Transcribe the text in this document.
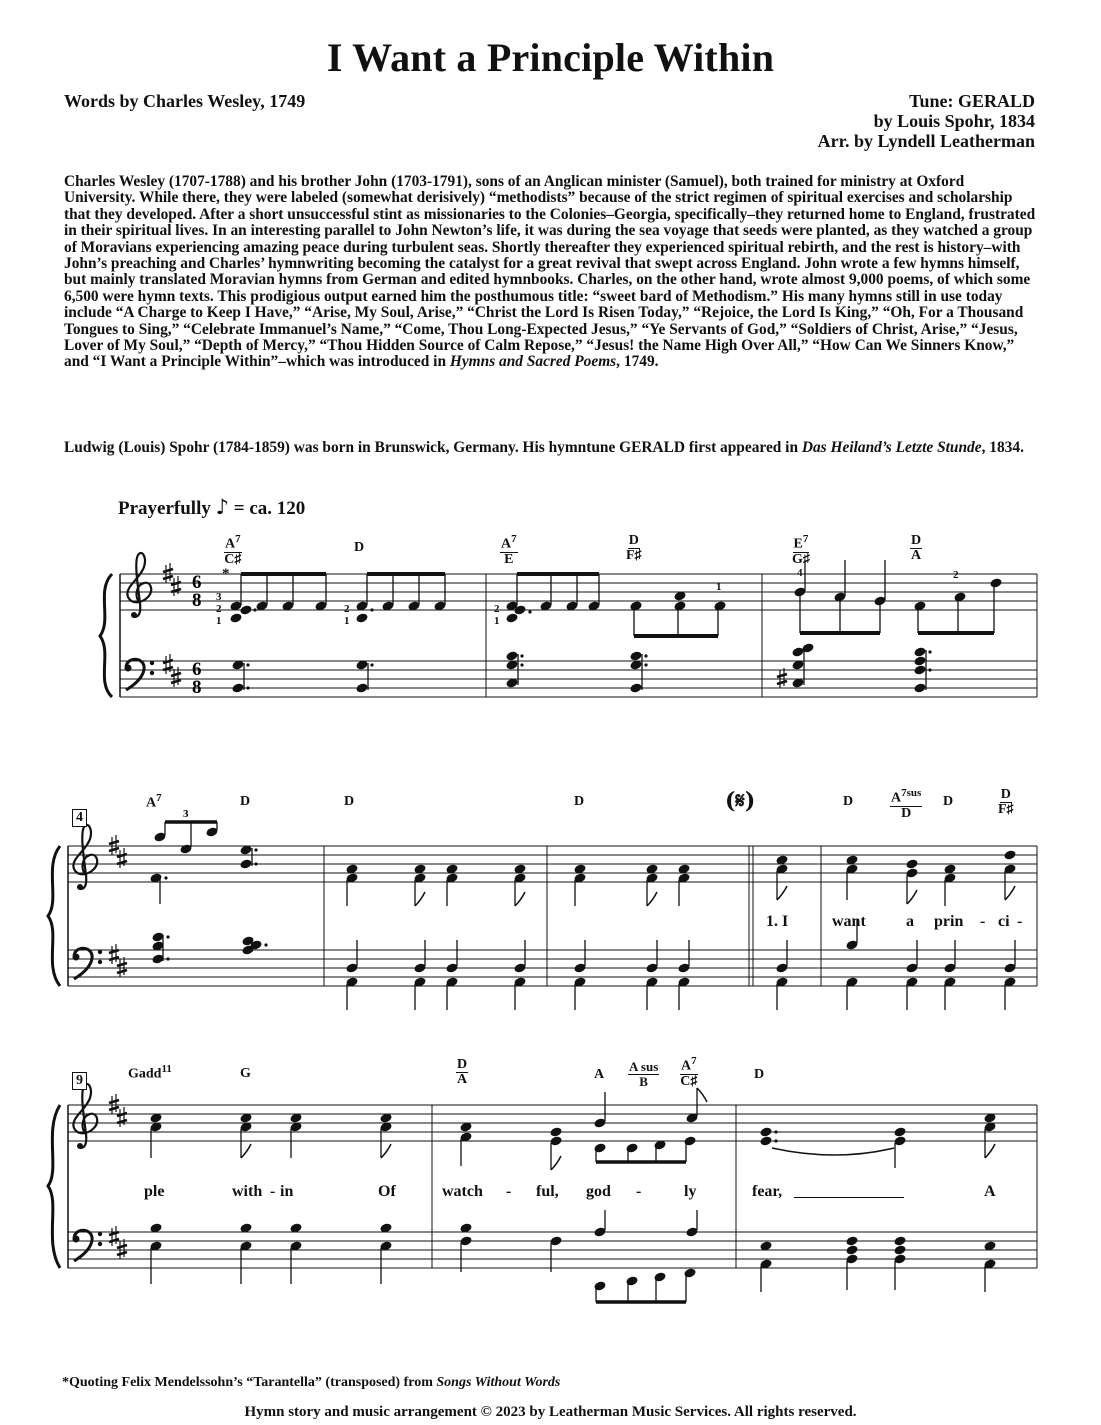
I Want a Principle Within
Words by Charles Wesley, 1749	Tune: GERALD
by Louis Spohr, 1834
Arr. by Lyndell Leatherman

Charles Wesley (1707-1788) and his brother John (1703-1791), sons of an Anglican minister (Samuel), both trained for ministry at Oxford University. While there, they were labeled (somewhat derisively) “methodists” because of the strict regimen of spiritual exercises and scholarship that they developed. After a short unsuccessful stint as missionaries to the Colonies–Georgia, specifically–they returned home to England, frustrated in their spiritual lives. In an interesting parallel to John Newton’s life, it was during the sea voyage that seeds were planted, as they watched a group of Moravians experiencing amazing peace during turbulent seas. Shortly thereafter they experienced spiritual rebirth, and the rest is history–with John’s preaching and Charles’ hymnwriting becoming the catalyst for a great revival that swept across England. John wrote a few hymns himself, but mainly translated Moravian hymns from German and edited hymnbooks. Charles, on the other hand, wrote almost 9,000 poems, of which some 6,500 were hymn texts. This prodigious output earned him the posthumous title: “sweet bard of Methodism.” His many hymns still in use today include “A Charge to Keep I Have,” “Arise, My Soul, Arise,” “Christ the Lord Is Risen Today,” “Rejoice, the Lord Is King,” “Oh, For a Thousand Tongues to Sing,” “Celebrate Immanuel’s Name,” “Come, Thou Long-Expected Jesus,” “Ye Servants of God,” “Soldiers of Christ, Arise,” “Jesus, Lover of My Soul,” “Depth of Mercy,” “Thou Hidden Source of Calm Repose,” “Jesus! the Name High Over All,” “How Can We Sinners Know,” and “I Want a Principle Within”–which was introduced in Hymns and Sacred Poems, 1749.

Ludwig (Louis) Spohr (1784-1859) was born in Brunswick, Germany. His hymntune GERALD first appeared in Das Heiland’s Letzte Stunde, 1834.

Prayerfully ♪ = ca. 120
6
8
6
8
3
*
3
2
1
2
1
2
1
1
4	2
$\frac{A^7}{C♯}$	D	$\frac{A^7}{E}$	$\frac{D}{F♯}$	$\frac{E^7}{G♯}$	$\frac{D}{A}$
4
$A^7$	D	D	D	(𝄋)	D	$A^{7sus}$
D
D	$\frac{D}{F♯}$
1. I	want	a prin - ci -
9	Gadd$^{11}$	G	$\frac{D}{A}$	A
A sus
B $\frac{A^7}{C♯}$	D
ple	with - in	Of	watch - ful, god -	ly	fear,	A
*Quoting Felix Mendelssohn’s “Tarantella” (transposed) from Songs Without Words
Hymn story and music arrangement © 2023 by Leatherman Music Services. All rights reserved.
